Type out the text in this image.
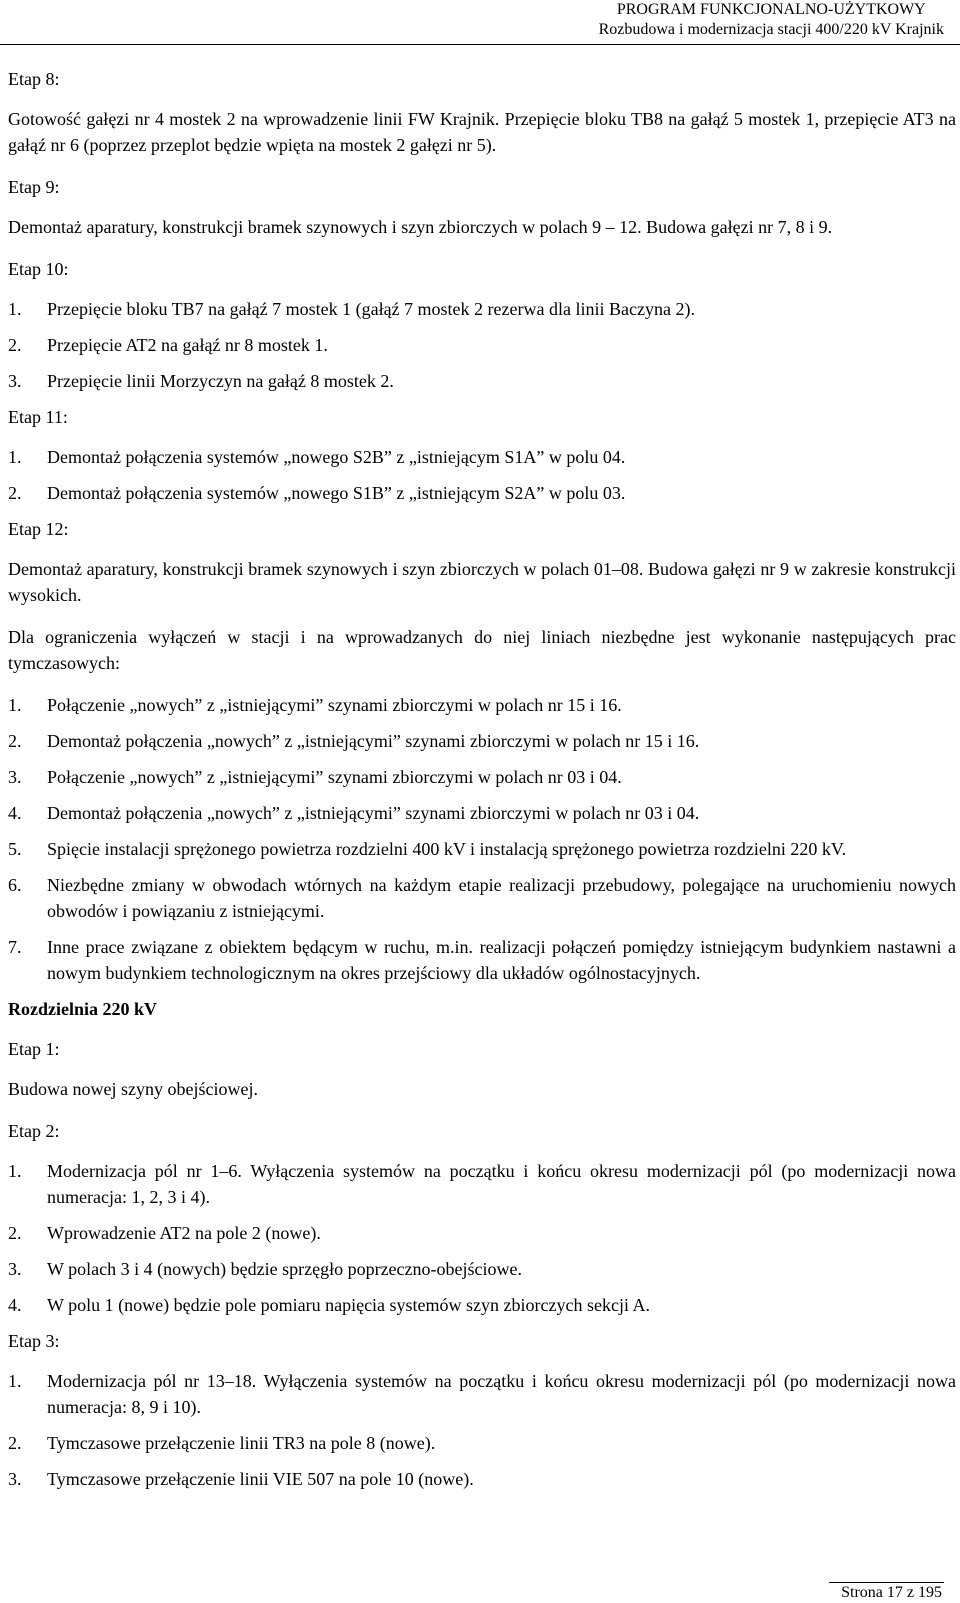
PROGRAM FUNKCJONALNO-UŻYTKOWY
Rozbudowa i modernizacja stacji 400/220 kV Krajnik

Etap 8:

Gotowość gałęzi nr 4 mostek 2 na wprowadzenie linii FW Krajnik. Przepięcie bloku TB8 na gałąź 5 mostek 1, przepięcie AT3 na gałąź nr 6 (poprzez przeplot będzie wpięta na mostek 2 gałęzi nr 5).

Etap 9:

Demontaż aparatury, konstrukcji bramek szynowych i szyn zbiorczych w polach 9 – 12. Budowa gałęzi nr 7, 8 i 9.

Etap 10:

1.	Przepięcie bloku TB7 na gałąź 7 mostek 1 (gałąź 7 mostek 2 rezerwa dla linii Baczyna 2).
2.	Przepięcie AT2 na gałąź nr 8 mostek 1.
3.	Przepięcie linii Morzyczyn na gałąź 8 mostek 2.

Etap 11:

1.	Demontaż połączenia systemów „nowego S2B” z „istniejącym S1A” w polu 04.
2.	Demontaż połączenia systemów „nowego S1B” z „istniejącym S2A” w polu 03.

Etap 12:

Demontaż aparatury, konstrukcji bramek szynowych i szyn zbiorczych w polach 01–08. Budowa gałęzi nr 9 w zakresie konstrukcji wysokich.

Dla ograniczenia wyłączeń w stacji i na wprowadzanych do niej liniach niezbędne jest wykonanie następujących prac tymczasowych:

1.	Połączenie „nowych” z „istniejącymi” szynami zbiorczymi w polach nr 15 i 16.
2.	Demontaż połączenia „nowych” z „istniejącymi” szynami zbiorczymi w polach nr 15 i 16.
3.	Połączenie „nowych” z „istniejącymi” szynami zbiorczymi w polach nr 03 i 04.
4.	Demontaż połączenia „nowych” z „istniejącymi” szynami zbiorczymi w polach nr 03 i 04.
5.	Spięcie instalacji sprężonego powietrza rozdzielni 400 kV i instalacją sprężonego powietrza rozdzielni 220 kV.
6.	Niezbędne zmiany w obwodach wtórnych na każdym etapie realizacji przebudowy, polegające na uruchomieniu nowych obwodów i powiązaniu z istniejącymi.
7.	Inne prace związane z obiektem będącym w ruchu, m.in. realizacji połączeń pomiędzy istniejącym budynkiem nastawni a nowym budynkiem technologicznym na okres przejściowy dla układów ogólnostacyjnych.

Rozdzielnia 220 kV

Etap 1:

Budowa nowej szyny obejściowej.

Etap 2:

1.	Modernizacja pól nr 1–6. Wyłączenia systemów na początku i końcu okresu modernizacji pól (po modernizacji nowa numeracja: 1, 2, 3 i 4).
2.	Wprowadzenie AT2 na pole 2 (nowe).
3.	W polach 3 i 4 (nowych) będzie sprzęgło poprzeczno-obejściowe.
4.	W polu 1 (nowe) będzie pole pomiaru napięcia systemów szyn zbiorczych sekcji A.

Etap 3:

1.	Modernizacja pól nr 13–18. Wyłączenia systemów na początku i końcu okresu modernizacji pól (po modernizacji nowa numeracja: 8, 9 i 10).
2.	Tymczasowe przełączenie linii TR3 na pole 8 (nowe).
3.	Tymczasowe przełączenie linii VIE 507 na pole 10 (nowe).
Strona 17 z 195
